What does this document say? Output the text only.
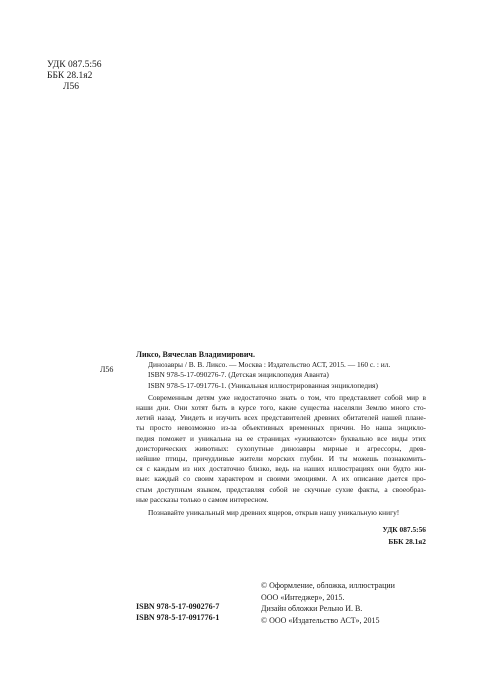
УДК 087.5:56
ББК 28.1я2
Л56
Л56
Ликсо, Вячеслав Владимирович.
Динозавры / В. В. Ликсо. — Москва : Издательство АСТ, 2015. — 160 с. : ил.
ISBN 978-5-17-090276-7. (Детская энциклопедия Аванта)
ISBN 978-5-17-091776-1. (Уникальная иллюстрированная энциклопедия)
Современным детям уже недостаточно знать о том, что представляет собой мир в
наши дни. Они хотят быть в курсе того, какие существа населяли Землю много сто-
летий назад. Увидеть и изучить всех представителей древних обитателей нашей плане-
ты просто невозможно из-за объективных временных причин. Но наша энцикло-
педия поможет и уникальна на ее страницах «уживаются» буквально все виды этих
доисторических животных: сухопутные динозавры мирные и агрессоры, древ-
нейшие птицы, причудливые жители морских глубин. И ты можешь познакомить-
ся с каждым из них достаточно близко, ведь на наших иллюстрациях они будто жи-
вые: каждый со своим характером и своими эмоциями. А их описание дается про-
стым доступным языком, представляя собой не скучные сухие факты, а своеобраз-
ные рассказы только о самом интересном.
Познавайте уникальный мир древних ящеров, открыв нашу уникальную книгу!
УДК 087.5:56
ББК 28.1я2
ISBN 978-5-17-090276-7
ISBN 978-5-17-091776-1
© Оформление, обложка, иллюстрации
ООО «Интеджер», 2015.
Дизайн обложки Рельно И. В.
© ООО «Издательство АСТ», 2015
